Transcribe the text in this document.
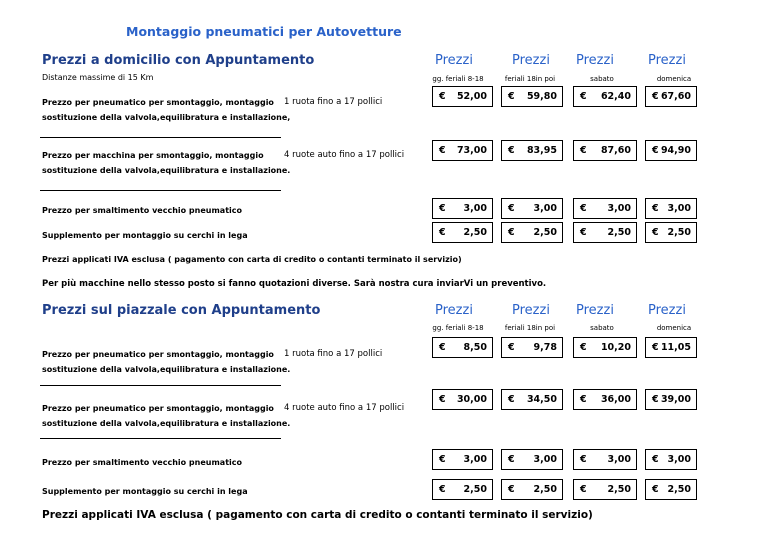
Montaggio pneumatici per Autovetture
Prezzi a domicilio con Appuntamento	Prezzi	Prezzi Prezzi	Prezzi
Distanze massime di 15 Km	gg. feriali 8-18	feriali 18in poi	sabato	domenica
Prezzo per pneumatico per smontaggio, montaggio 1 ruota fino a 17 pollici
sostituzione della valvola,equilibratura e installazione,
€ 52,00 € 59,80 € 62,40 € 67,60
Prezzo per macchina per smontaggio, montaggio 4 ruote auto fino a 17 pollici
sostituzione della valvola,equilibratura e installazione.
€ 73,00 € 83,95 € 87,60 € 94,90
Prezzo per smaltimento vecchio pneumatico	€ 3,00 € 3,00 € 3,00 € 3,00
Supplemento per montaggio su cerchi in lega	€ 2,50 € 2,50 € 2,50 € 2,50
Prezzi applicati IVA esclusa ( pagamento con carta di credito o contanti terminato il servizio)
Per più macchine nello stesso posto si fanno quotazioni diverse. Sarà nostra cura inviarVi un preventivo.
Prezzi sul piazzale con Appuntamento	Prezzi	Prezzi Prezzi	Prezzi
gg. feriali 8-18	feriali 18in poi	sabato	domenica
Prezzo per pneumatico per smontaggio, montaggio 1 ruota fino a 17 pollici
sostituzione della valvola,equilibratura e installazione.
€ 8,50 € 9,78 € 10,20 € 11,05
Prezzo per pneumatico per smontaggio, montaggio 4 ruote auto fino a 17 pollici
sostituzione della valvola,equilibratura e installazione.
€ 30,00 € 34,50 € 36,00 € 39,00
Prezzo per smaltimento vecchio pneumatico	€ 3,00 € 3,00 € 3,00 € 3,00
Supplemento per montaggio su cerchi in lega	€ 2,50 € 2,50 € 2,50 € 2,50
Prezzi applicati IVA esclusa ( pagamento con carta di credito o contanti terminato il servizio)
